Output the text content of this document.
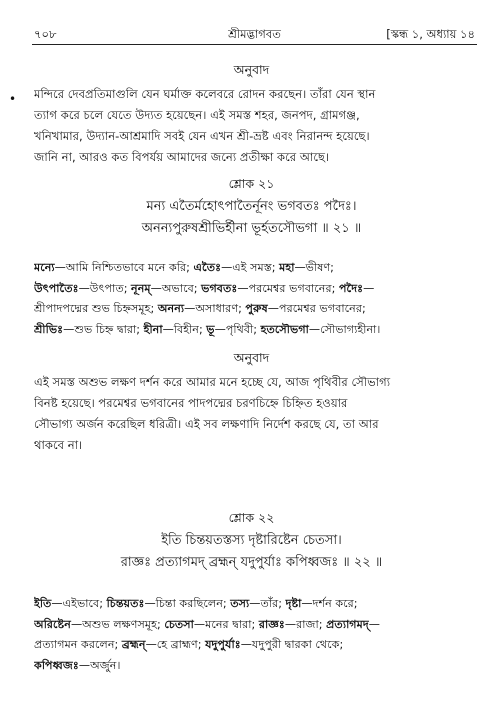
৭০৮	শ্রীমদ্ভাগবত	[স্কন্ধ ১, অধ্যায় ১৪
•
অনুবাদ

মন্দিরে দেবপ্রতিমাগুলি যেন ঘর্মাক্ত কলেবরে রোদন করছেন। তাঁরা যেন স্থান

ত্যাগ করে চলে যেতে উদ্যত হয়েছেন। এই সমস্ত শহর, জনপদ, গ্রামগঞ্জ,

খনিখামার, উদ্যান-আশ্রমাদি সবই যেন এখন শ্রী-ভ্রষ্ট এবং নিরানন্দ হয়েছে।

জানি না, আরও কত বিপর্যয় আমাদের জন্যে প্রতীক্ষা করে আছে।

শ্লোক ২১

মন্য এতৈর্মহোৎপাতৈর্নূনং ভগবতঃ পদৈঃ।

অনন্যপুরুষশ্রীভির্হীনা ভূর্হতসৌভগা ॥ ২১ ॥

মন্যে—আমি নিশ্চিতভাবে মনে করি; এতৈঃ—এই সমস্ত; মহা—ভীষণ;

উৎপাতৈঃ—উৎপাত; নূনম্—অভাবে; ভগবতঃ—পরমেশ্বর ভগবানের; পদৈঃ—

শ্রীপাদপদ্মের শুভ চিহ্নসমূহ; অনন্য—অসাধারণ; পুরুষ—পরমেশ্বর ভগবানের;

শ্রীভিঃ—শুভ চিহ্ন দ্বারা; হীনা—বিহীন; ভূ—পৃথিবী; হতসৌভগা—সৌভাগ্যহীনা।

অনুবাদ

এই সমস্ত অশুভ লক্ষণ দর্শন করে আমার মনে হচ্ছে যে, আজ পৃথিবীর সৌভাগ্য

বিনষ্ট হয়েছে। পরমেশ্বর ভগবানের পাদপদ্মের চরণচিহ্নে চিহ্নিত হওয়ার

সৌভাগ্য অর্জন করেছিল ধরিত্রী। এই সব লক্ষণাদি নির্দেশ করছে যে, তা আর

থাকবে না।

শ্লোক ২২

ইতি চিন্তয়তস্তস্য দৃষ্টারিষ্টেন চেতসা।

রাজ্ঞঃ প্রত্যাগমদ্ ব্রহ্মন্ যদুপুর্যাঃ কপিধ্বজঃ ॥ ২২ ॥

ইতি—এইভাবে; চিন্তয়তঃ—চিন্তা করছিলেন; তস্য—তাঁর; দৃষ্টা—দর্শন করে;

অরিষ্টেন—অশুভ লক্ষণসমূহ; চেতসা—মনের দ্বারা; রাজ্ঞঃ—রাজা; প্রত্যাগমদ্—

প্রত্যাগমন করলেন; ব্রহ্মন্—হে ব্রাহ্মণ; যদুপুর্যাঃ—যদুপুরী দ্বারকা থেকে;

কপিধ্বজঃ—অর্জুন।
